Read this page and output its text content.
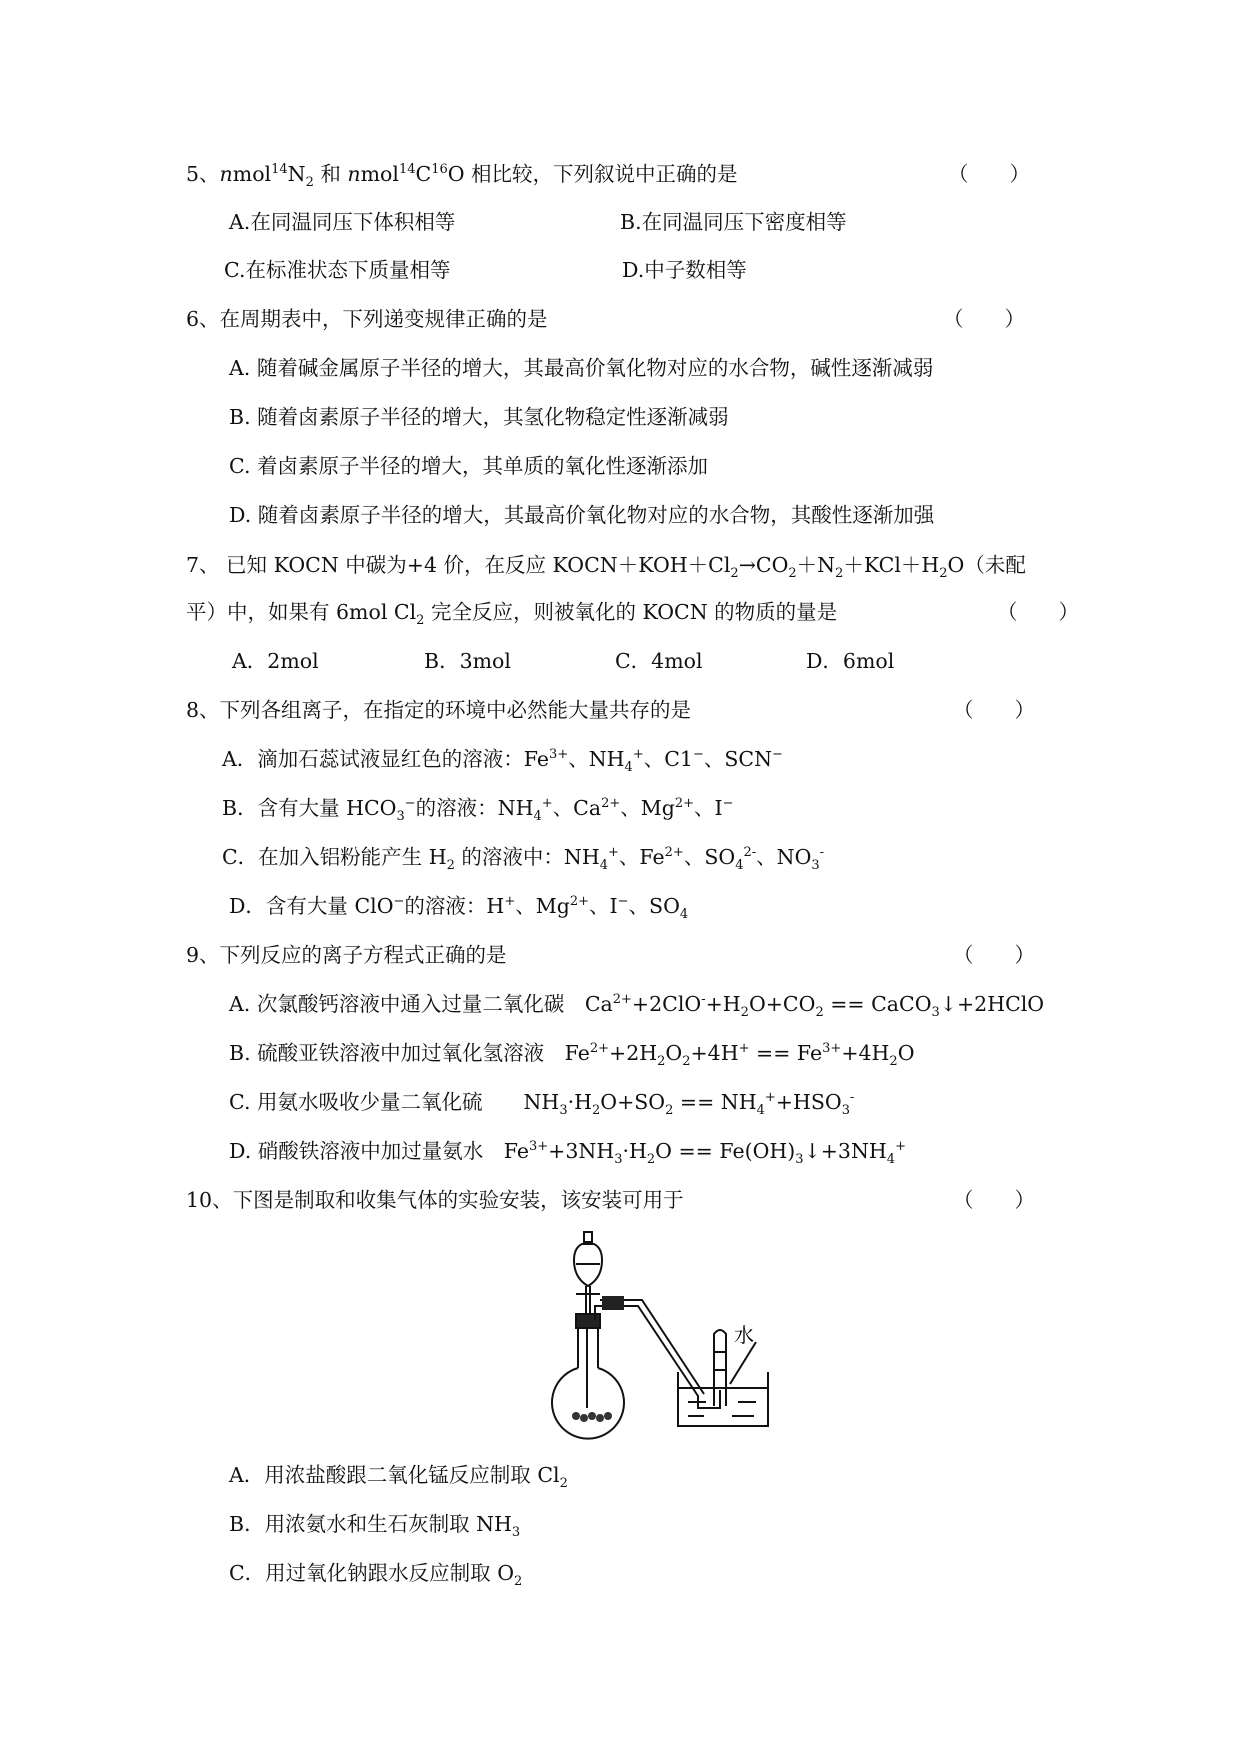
5、$nmol^{14}N_2$ 和 $nmol^{14}C^{16}O$ 相比较，下列叙说中正确的是	（　　）
A.在同温同压下体积相等	B.在同温同压下密度相等
C.在标准状态下质量相等	D.中子数相等
6、在周期表中，下列递变规律正确的是	（　　）
A. 随着碱金属原子半径的增大，其最高价氧化物对应的水合物，碱性逐渐减弱
B. 随着卤素原子半径的增大，其氢化物稳定性逐渐减弱
C. 着卤素原子半径的增大，其单质的氧化性逐渐添加
D. 随着卤素原子半径的增大，其最高价氧化物对应的水合物，其酸性逐渐加强
7、 已知 KOCN 中碳为+4 价，在反应 $KOCN+KOH+Cl_2\to CO_2+N_2+KCl+H_2O$（未配
平）中，如果有 6mol $Cl_2$ 完全反应，则被氧化的 KOCN 的物质的量是	（　　）
A．2mol	B．3mol	C．4mol	D．6mol
8、下列各组离子，在指定的环境中必然能大量共存的是	（　　）
A．滴加石蕊试液显红色的溶液：$Fe^{3+}$、$NH_4^+$、C1−、SCN−
B．含有大量 $HCO_3^-$的溶液：$NH_4^+$、$Ca^{2+}$、$Mg^{2+}$、I−
C．在加入铝粉能产生 $H_2$ 的溶液中：$NH_4^+$、$Fe^{2+}$、$SO_4^{2-}$、$NO_3^-$
D．含有大量 ClO−的溶液：H+、$Mg^{2+}$、I−、$SO_4$
9、下列反应的离子方程式正确的是	（　　）
A. 次氯酸钙溶液中通入过量二氧化碳　$Ca^{2+}+2ClO^-+H_2O+CO_2$ == CaCO$_3$↓+2HClO
B. 硫酸亚铁溶液中加过氧化氢溶液　$Fe^{2+}+2H_2O_2+4H^+ == Fe^{3+}+4H_2O$
C. 用氨水吸收少量二氧化硫　　$NH_3\cdot H_2O+SO_2 == NH_4^++HSO_3^-$
D. 硝酸铁溶液中加过量氨水　$Fe^{3+}+3NH_3\cdot H_2O$ == $Fe(OH)_3↓+3NH_4^+$
10、下图是制取和收集气体的实验安装，该安装可用于	（　　）
水
A．用浓盐酸跟二氧化锰反应制取 $Cl_2$
B．用浓氨水和生石灰制取 $NH_3$
C．用过氧化钠跟水反应制取 $O_2$
